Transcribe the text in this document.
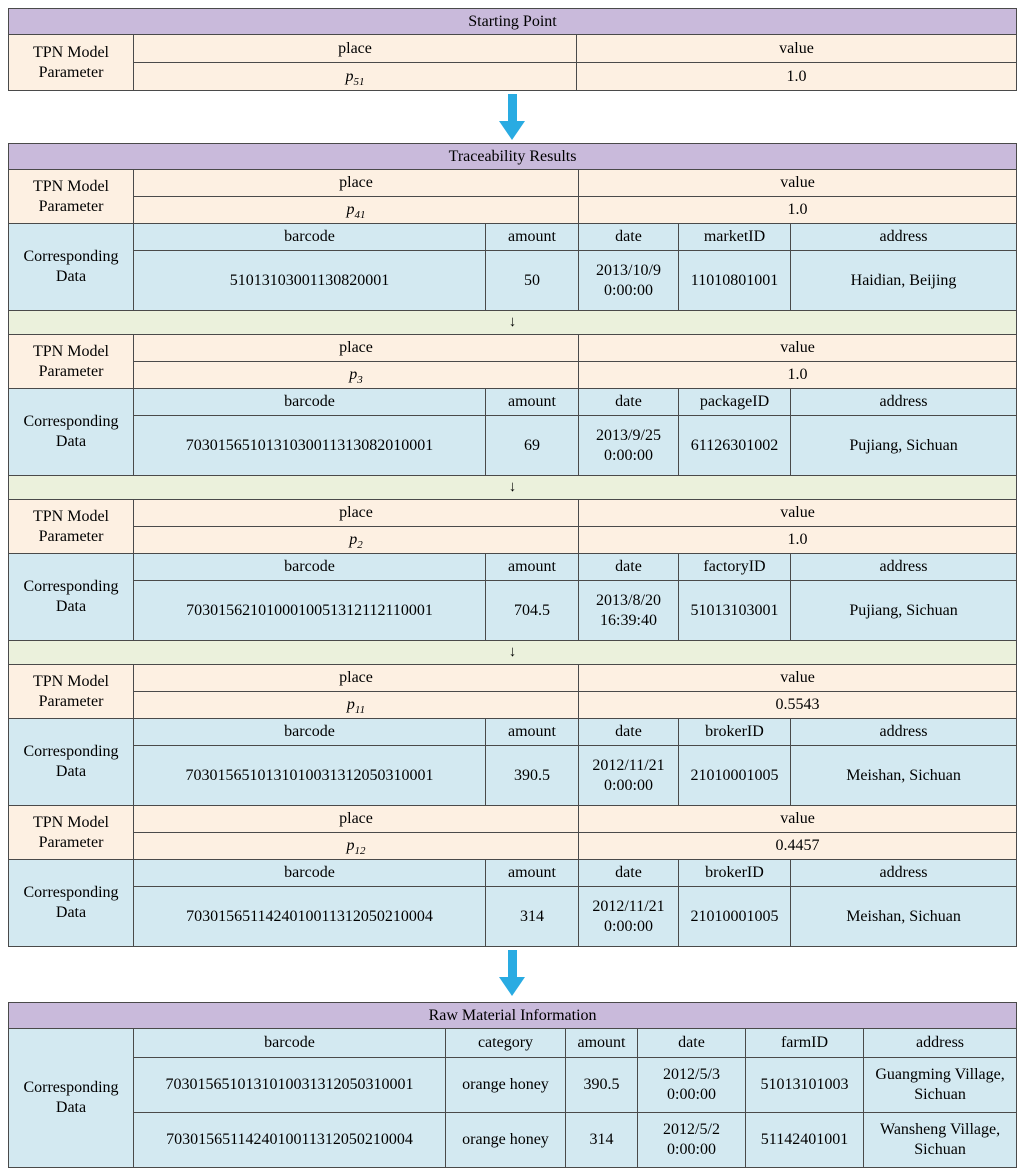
Starting Point		
TPN Model Parameter	place	value
	$p_{51}$	1.0
Traceability Results					
TPN Model Parameter	place		value		
	$p_{41}$		1.0		
Corresponding Data	barcode	amount	date	marketID	address
	51013103001130820001	50	2013/10/9 0:00:00	11010801001	Haidian, Beijing
↓					
TPN Model Parameter	place		value		
	$p_3$		1.0		
Corresponding Data	barcode	amount	date	packageID	address
	7030156510131030011313082010001	69	2013/9/25 0:00:00	61126301002	Pujiang, Sichuan
↓					
TPN Model Parameter	place		value		
	$p_2$		1.0		
Corresponding Data	barcode	amount	date	factoryID	address
	7030156210100010051312112110001	704.5	2013/8/20 16:39:40	51013103001	Pujiang, Sichuan
↓					
TPN Model Parameter	place		value		
	$p_{11}$		0.5543		
Corresponding Data	barcode	amount	date	brokerID	address
	7030156510131010031312050310001	390.5	2012/11/21 0:00:00	21010001005	Meishan, Sichuan
TPN Model Parameter	place		value		
	$p_{12}$		0.4457		
Corresponding Data	barcode	amount	date	brokerID	address
	7030156511424010011312050210004	314	2012/11/21 0:00:00	21010001005	Meishan, Sichuan
Raw Material Information						
Corresponding Data	barcode	category	amount	date	farmID	address
	7030156510131010031312050310001	orange honey	390.5	2012/5/3 0:00:00	51013101003	Guangming Village, Sichuan
	7030156511424010011312050210004	orange honey	314	2012/5/2 0:00:00	51142401001	Wansheng Village, Sichuan
